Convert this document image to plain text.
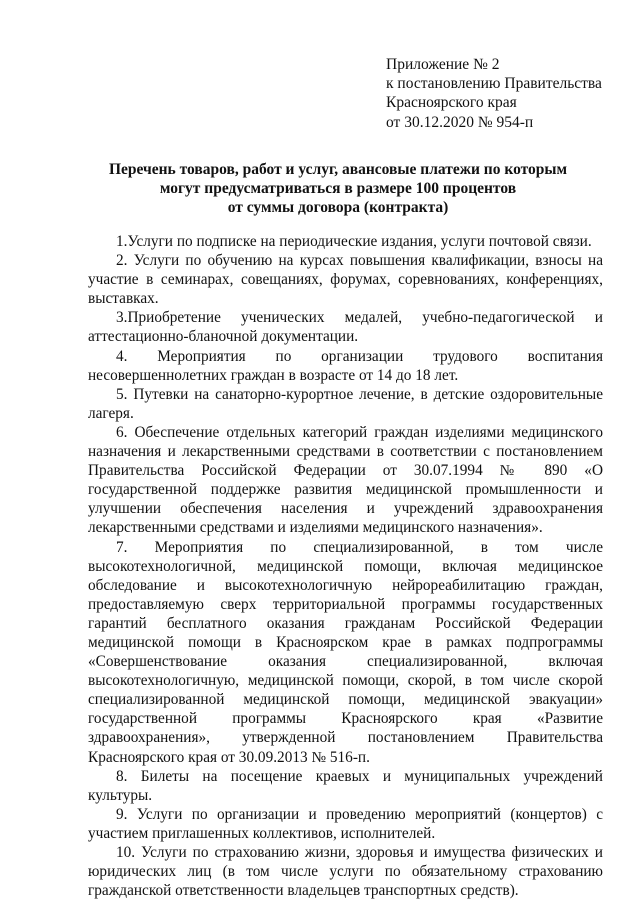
Приложение № 2
к постановлению Правительства
Красноярского края
от 30.12.2020 № 954-п
Перечень товаров, работ и услуг, авансовые платежи по которым
могут предусматриваться в размере 100 процентов
от суммы договора (контракта)

1.Услуги по подписке на периодические издания, услуги почтовой связи.

2. Услуги по обучению на курсах повышения квалификации, взносы на участие в семинарах, совещаниях, форумах, соревнованиях, конференциях, выставках.

3.Приобретение ученических медалей, учебно-педагогической и аттестационно-бланочной документации.

4. Мероприятия по организации трудового воспитания несовершеннолетних граждан в возрасте от 14 до 18 лет.

5. Путевки на санаторно-курортное лечение, в детские оздоровительные лагеря.

6. Обеспечение отдельных категорий граждан изделиями медицинского назначения и лекарственными средствами в соответствии с постановлением Правительства Российской Федерации от 30.07.1994 № 890 «О государственной поддержке развития медицинской промышленности и улучшении обеспечения населения и учреждений здравоохранения лекарственными средствами и изделиями медицинского назначения».

7. Мероприятия по специализированной, в том числе высокотехнологичной, медицинской помощи, включая медицинское обследование и высокотехнологичную нейрореабилитацию граждан, предоставляемую сверх территориальной программы государственных гарантий бесплатного оказания гражданам Российской Федерации медицинской помощи в Красноярском крае в рамках подпрограммы «Совершенствование оказания специализированной, включая высокотехнологичную, медицинской помощи, скорой, в том числе скорой специализированной медицинской помощи, медицинской эвакуации» государственной программы Красноярского края «Развитие здравоохранения», утвержденной постановлением Правительства Красноярского края от 30.09.2013 № 516-п.

8. Билеты на посещение краевых и муниципальных учреждений культуры.

9. Услуги по организации и проведению мероприятий (концертов) с участием приглашенных коллективов, исполнителей.

10. Услуги по страхованию жизни, здоровья и имущества физических и юридических лиц (в том числе услуги по обязательному страхованию гражданской ответственности владельцев транспортных средств).
